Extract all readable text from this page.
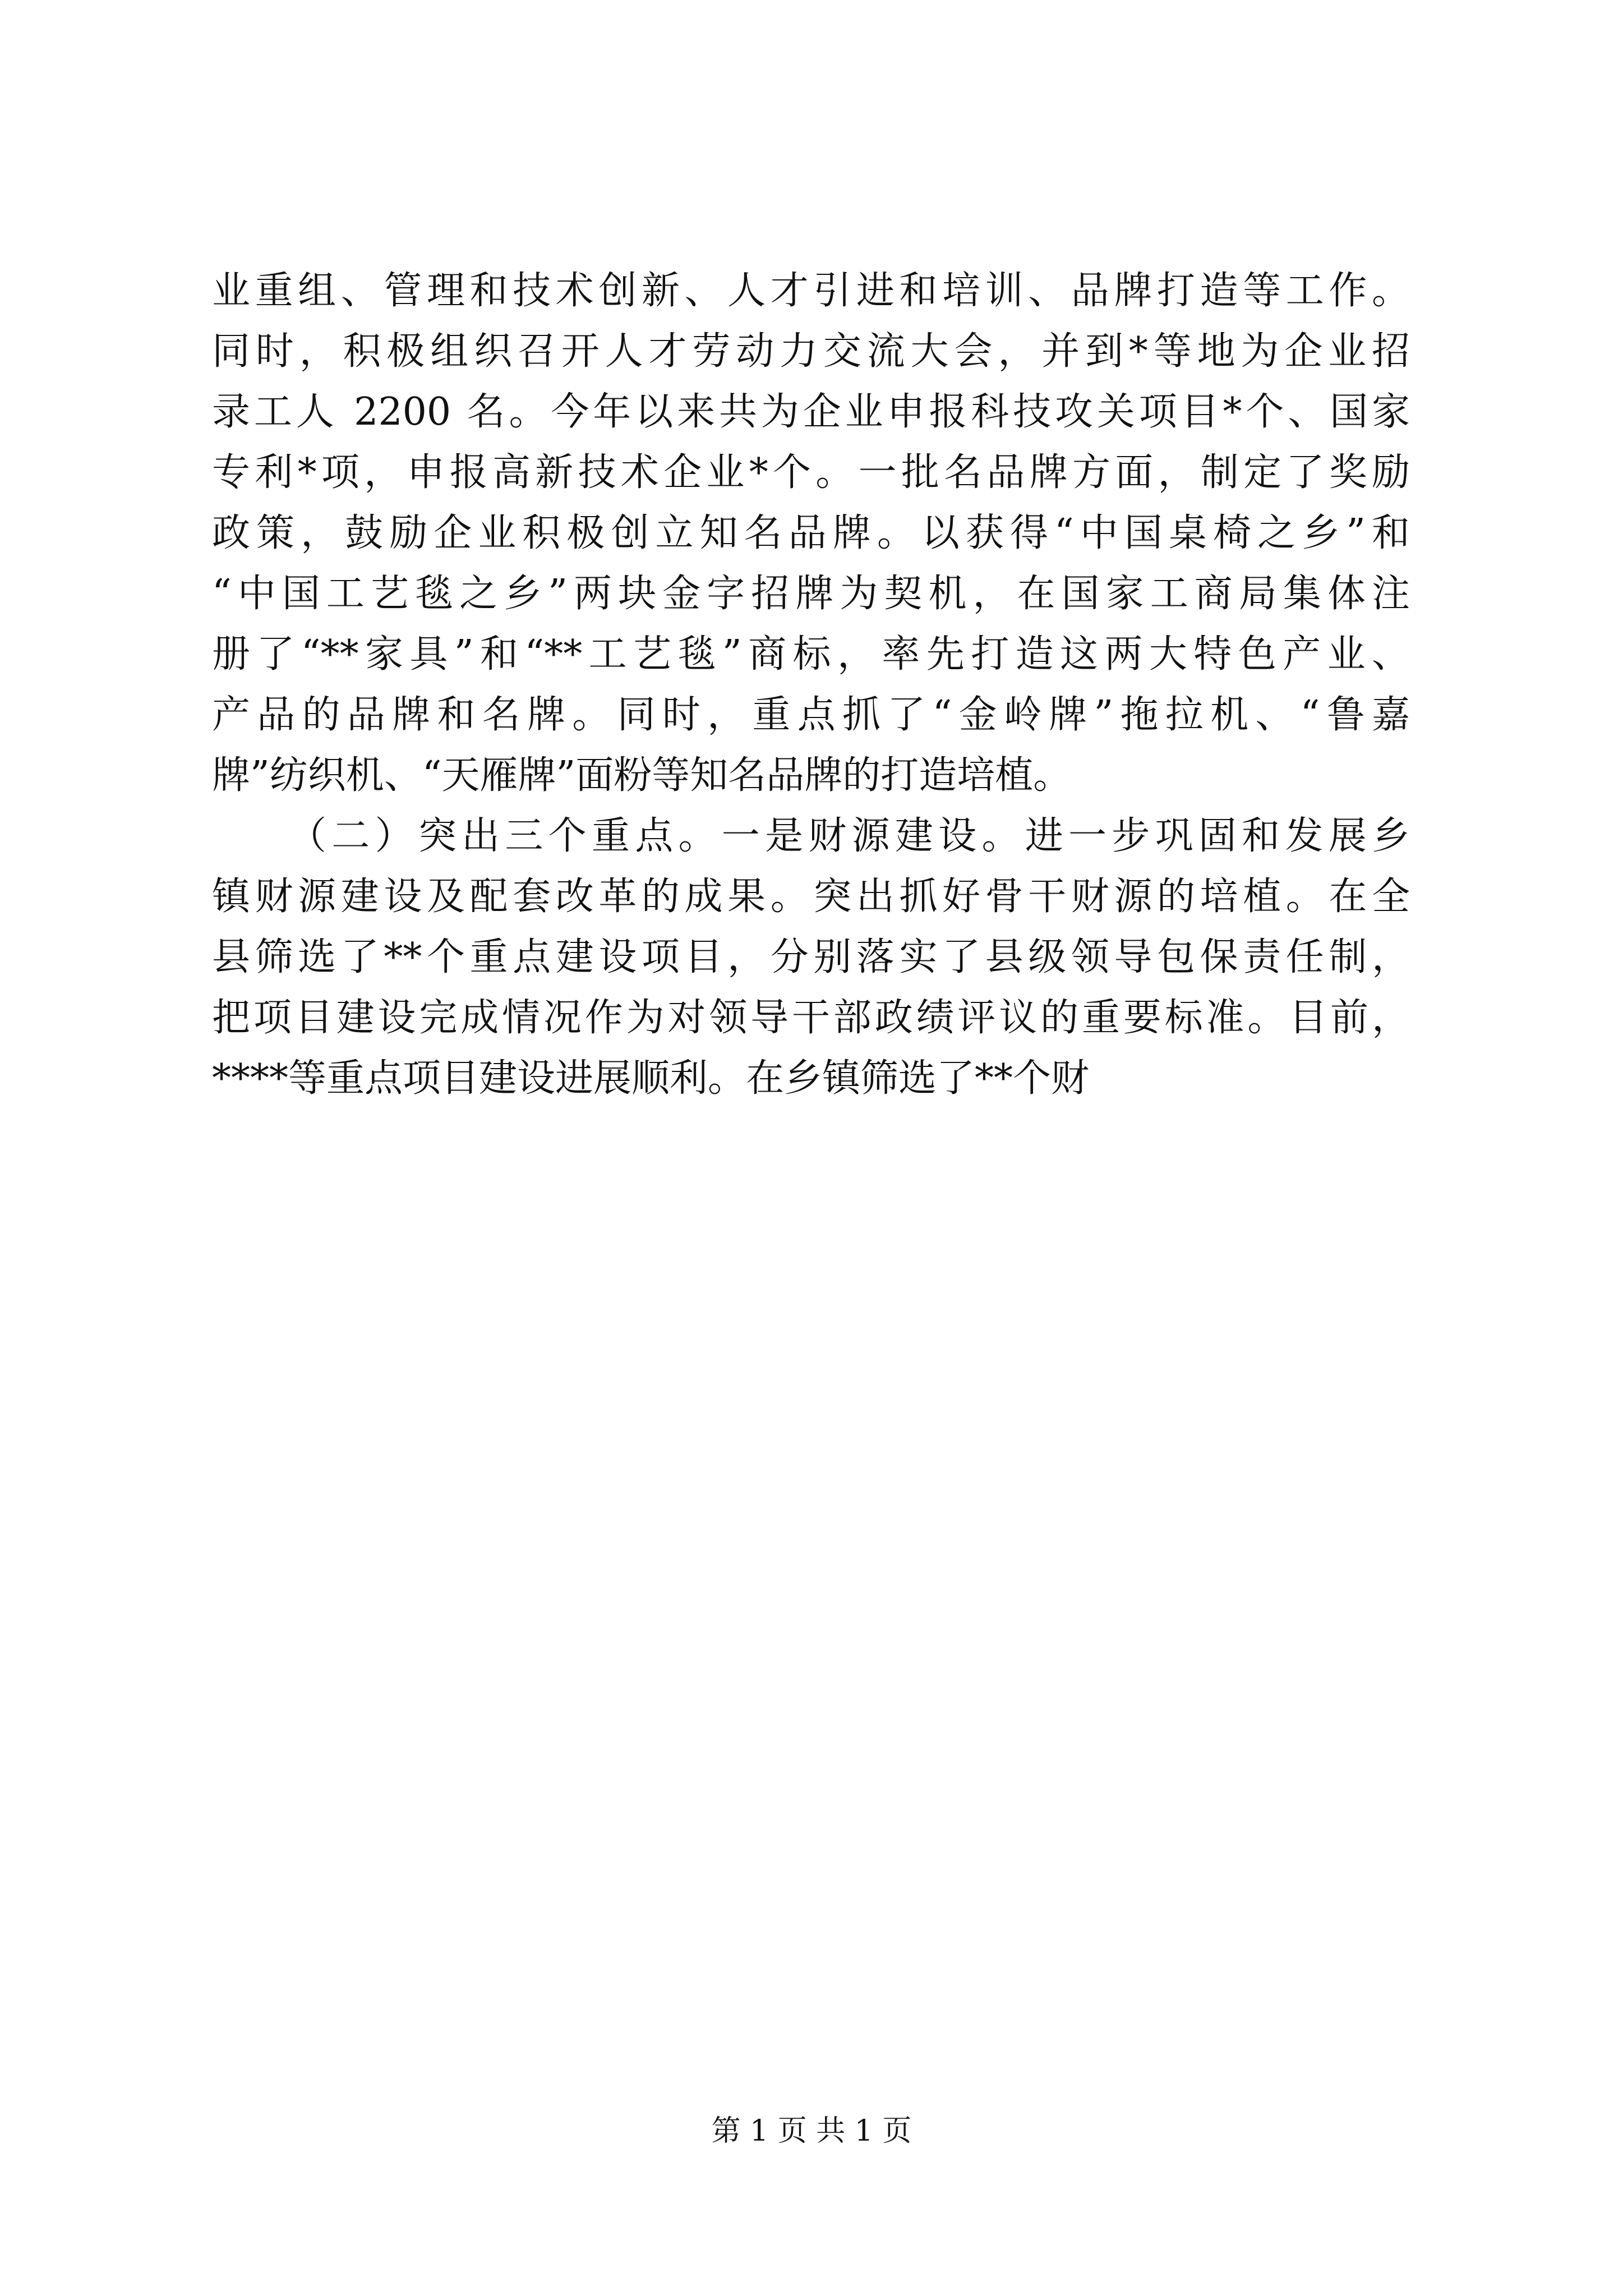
业重组、管理和技术创新、人才引进和培训、品牌打造等工作。
同时，积极组织召开人才劳动力交流大会，并到*等地为企业招
录工人 2200 名。今年以来共为企业申报科技攻关项目*个、国家
专利*项，申报高新技术企业*个。一批名品牌方面，制定了奖励
政策，鼓励企业积极创立知名品牌。以获得“中国桌椅之乡”和
“中国工艺毯之乡”两块金字招牌为契机，在国家工商局集体注
册了“**家具”和“**工艺毯”商标，率先打造这两大特色产业、
产品的品牌和名牌。同时，重点抓了“金岭牌”拖拉机、“鲁嘉
牌”纺织机、“天雁牌”面粉等知名品牌的打造培植。
（二）突出三个重点。一是财源建设。进一步巩固和发展乡
镇财源建设及配套改革的成果。突出抓好骨干财源的培植。在全
县筛选了**个重点建设项目，分别落实了县级领导包保责任制，
把项目建设完成情况作为对领导干部政绩评议的重要标准。目前，
****等重点项目建设进展顺利。在乡镇筛选了**个财
第 1 页 共 1 页
